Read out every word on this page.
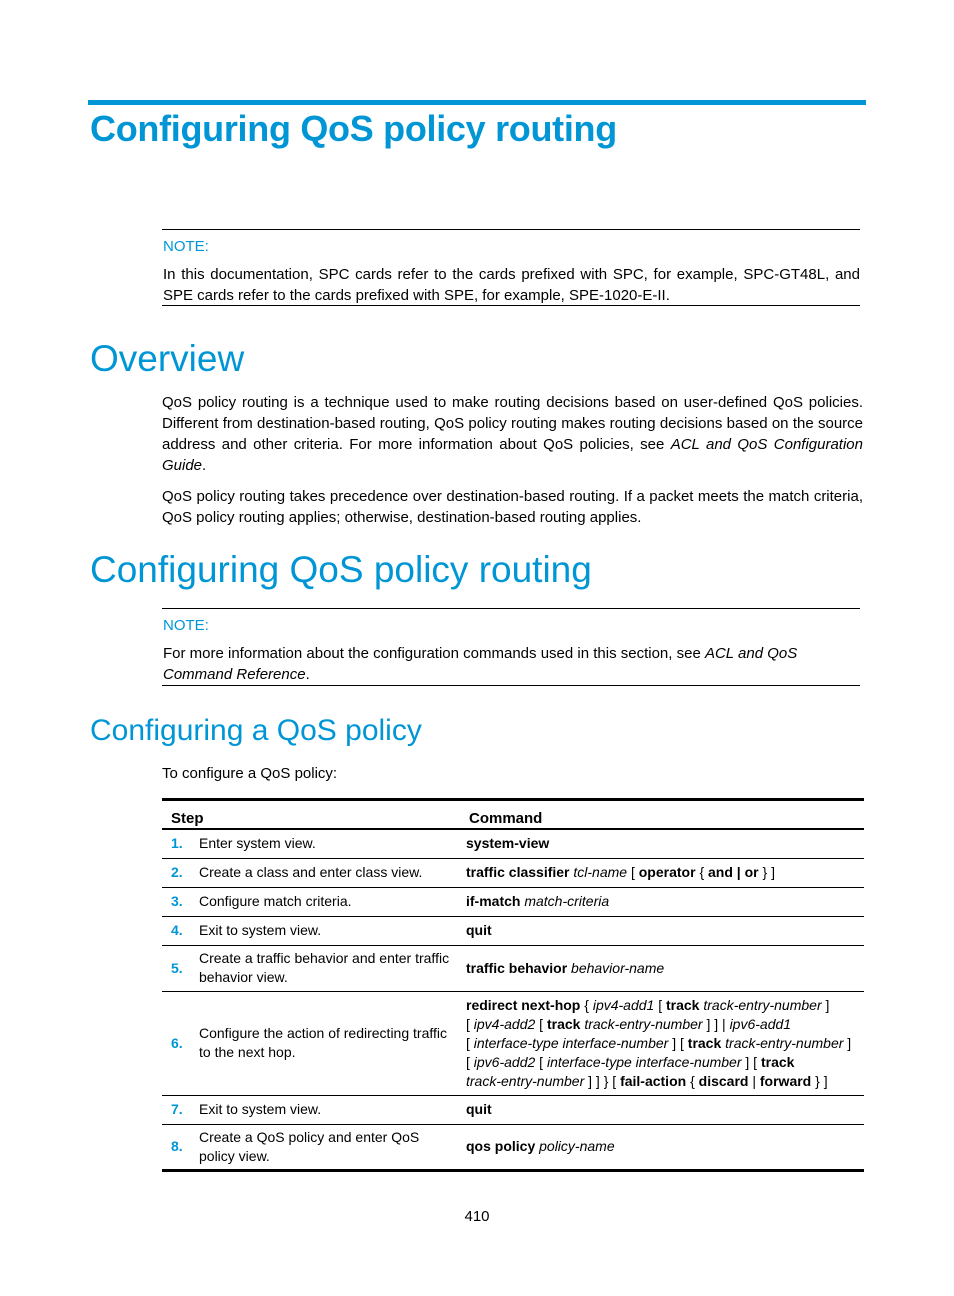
Configuring QoS policy routing
NOTE:
In this documentation, SPC cards refer to the cards prefixed with SPC, for example, SPC-GT48L, and SPE cards refer to the cards prefixed with SPE, for example, SPE-1020-E-II.
Overview
QoS policy routing is a technique used to make routing decisions based on user-defined QoS policies. Different from destination-based routing, QoS policy routing makes routing decisions based on the source address and other criteria. For more information about QoS policies, see ACL and QoS Configuration Guide.
QoS policy routing takes precedence over destination-based routing. If a packet meets the match criteria, QoS policy routing applies; otherwise, destination-based routing applies.
Configuring QoS policy routing
NOTE:
For more information about the configuration commands used in this section, see ACL and QoS Command Reference.
Configuring a QoS policy
To configure a QoS policy:
Step		Command
1.	Enter system view.	system-view
2.	Create a class and enter class view.	traffic classifier tcl-name [ operator { and | or } ]
3.	Configure match criteria.	if-match match-criteria
4.	Exit to system view.	quit
5.	Create a traffic behavior and enter traffic behavior view.	traffic behavior behavior-name
6.	Configure the action of redirecting traffic to the next hop.	redirect next-hop { ipv4-add1 [ track track-entry-number ]
[ ipv4-add2 [ track track-entry-number ] ] | ipv6-add1
[ interface-type interface-number ] [ track track-entry-number ]
[ ipv6-add2 [ interface-type interface-number ] [ track
track-entry-number ] ] } [ fail-action { discard | forward } ]
7.	Exit to system view.	quit
8.	Create a QoS policy and enter QoS policy view.	qos policy policy-name
410
